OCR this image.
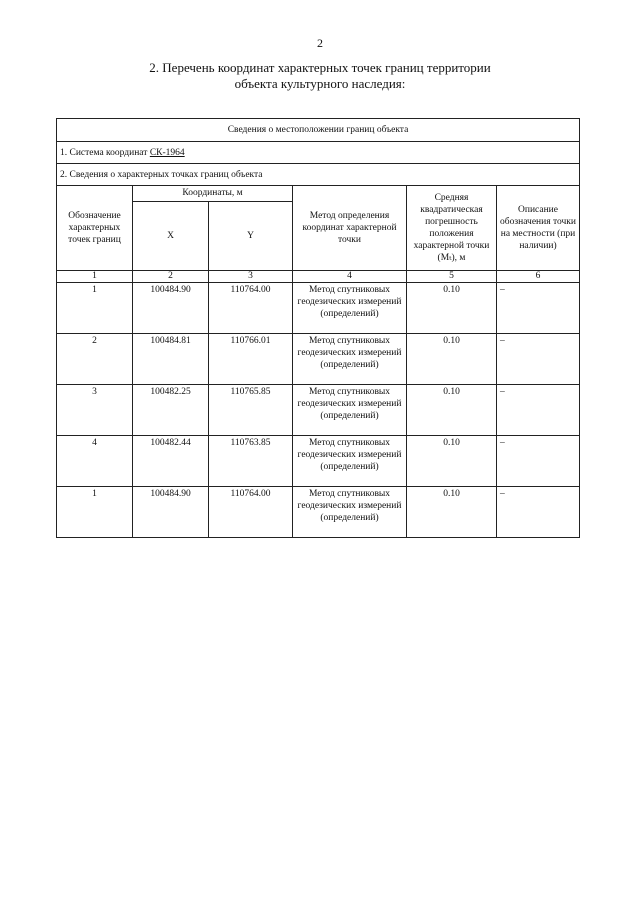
2
2. Перечень координат характерных точек границ территории
объекта культурного наследия:
Сведения о местоположении границ объекта					
1. Система координат СК-1964					
2. Сведения о характерных точках границ объекта					
Обозначение характерных точек границ	Координаты, м		Метод определения координат характерной точки	Средняя квадратическая погрешность положения характерной точки (Mₜ), м	Описание обозначения точки на местности (при наличии)
	X	Y			
1	2	3	4	5	6
1	100484.90	110764.00	Метод спутниковых геодезических измерений (определений)	0.10	–
2	100484.81	110766.01	Метод спутниковых геодезических измерений (определений)	0.10	–
3	100482.25	110765.85	Метод спутниковых геодезических измерений (определений)	0.10	–
4	100482.44	110763.85	Метод спутниковых геодезических измерений (определений)	0.10	–
1	100484.90	110764.00	Метод спутниковых геодезических измерений (определений)	0.10	–
